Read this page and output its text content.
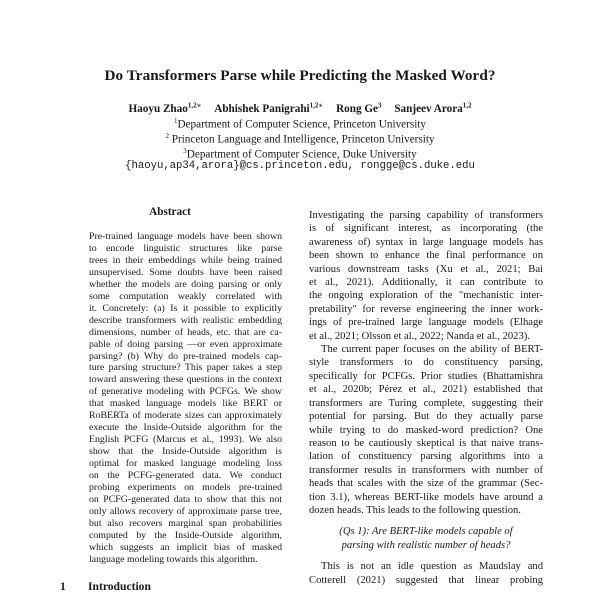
Do Transformers Parse while Predicting the Masked Word?
Haoyu Zhao$^{1,2∗}$ Abhishek Panigrahi$^{1,2∗}$ Rong Ge$^3$ Sanjeev Arora$^{1,2}$
$^1$Department of Computer Science, Princeton University
$^2$ Princeton Language and Intelligence, Princeton University
$^3$Department of Computer Science, Duke University
{haoyu,ap34,arora}@cs.princeton.edu, rongge@cs.duke.edu
Abstract
Pre-trained language models have been shown
to encode linguistic structures like parse
trees in their embeddings while being trained
unsupervised. Some doubts have been raised
whether the models are doing parsing or only
some computation weakly correlated with
it. Concretely: (a) Is it possible to explicitly
describe transformers with realistic embedding
dimensions, number of heads, etc. that are ca-
pable of doing parsing —or even approximate
parsing? (b) Why do pre-trained models cap-
ture parsing structure? This paper takes a step
toward answering these questions in the context
of generative modeling with PCFGs. We show
that masked language models like BERT or
RoBERTa of moderate sizes can approximately
execute the Inside-Outside algorithm for the
English PCFG (Marcus et al., 1993). We also
show that the Inside-Outside algorithm is
optimal for masked language modeling loss
on the PCFG-generated data. We conduct
probing experiments on models pre-trained
on PCFG-generated data to show that this not
only allows recovery of approximate parse tree,
but also recovers marginal span probabilities
computed by the Inside-Outside algorithm,
which suggests an implicit bias of masked
language modeling towards this algorithm.
1 Introduction
Investigating the parsing capability of transformers
is of significant interest, as incorporating (the
awareness of) syntax in large language models has
been shown to enhance the final performance on
various downstream tasks (Xu et al., 2021; Bai
et al., 2021). Additionally, it can contribute to
the ongoing exploration of the "mechanistic inter-
pretability" for reverse engineering the inner work-
ings of pre-trained large language models (Elhage
et al., 2021; Olsson et al., 2022; Nanda et al., 2023).
The current paper focuses on the ability of BERT-
style transformers to do constituency parsing,
specifically for PCFGs. Prior studies (Bhattamishra
et al., 2020b; Pérez et al., 2021) established that
transformers are Turing complete, suggesting their
potential for parsing. But do they actually parse
while trying to do masked-word prediction? One
reason to be cautiously skeptical is that naive trans-
lation of constituency parsing algorithms into a
transformer results in transformers with number of
heads that scales with the size of the grammar (Sec-
tion 3.1), whereas BERT-like models have around a
dozen heads. This leads to the following question.
(Qs 1): Are BERT-like models capable of
parsing with realistic number of heads?
This is not an idle question as Maudslay and
Cotterell (2021) suggested that linear probing
